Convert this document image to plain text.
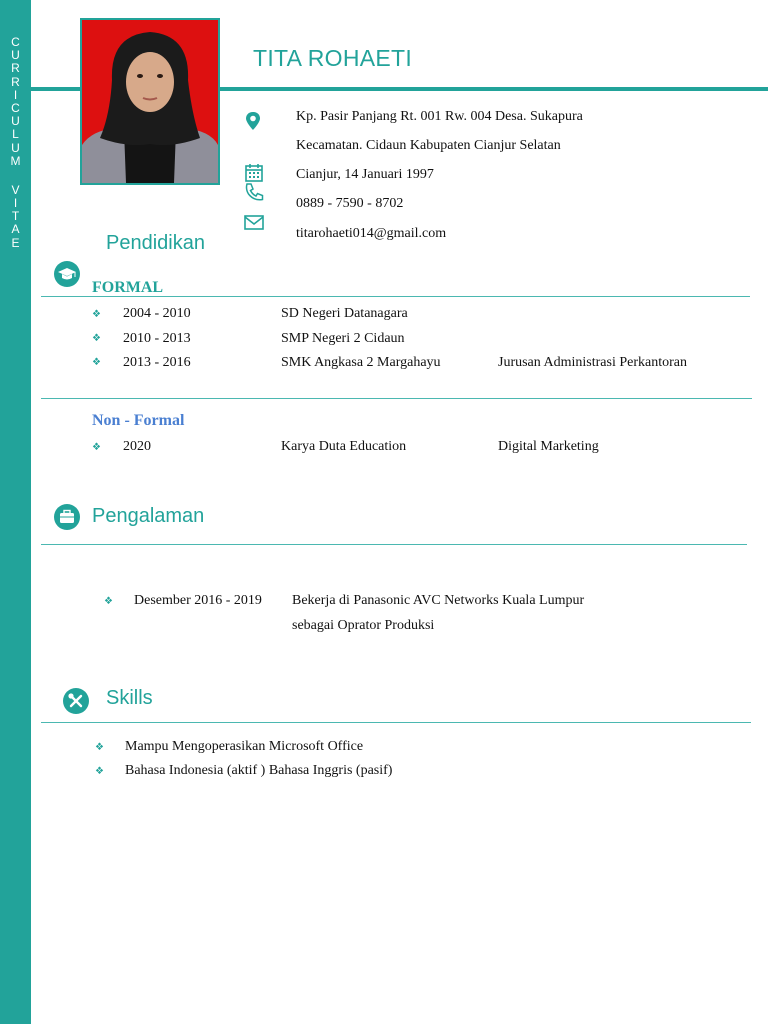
C
U
R
R
I
C
U
L
U
M
V
I
T
A
E
TITA ROHAETI
Kp. Pasir Panjang Rt. 001 Rw. 004 Desa. Sukapura
Kecamatan. Cidaun Kabupaten Cianjur Selatan
Cianjur, 14 Januari 1997
0889 - 7590 - 8702
titarohaeti014@gmail.com
Pendidikan
FORMAL
❖ 2004 - 2010	SD Negeri Datanagara
❖ 2010 - 2013	SMP Negeri 2 Cidaun
❖ 2013 - 2016	SMK Angkasa 2 Margahayu	Jurusan Administrasi Perkantoran
Non - Formal
❖ 2020	Karya Duta Education	Digital Marketing
Pengalaman
❖ Desember 2016 - 2019 Bekerja di Panasonic AVC Networks Kuala Lumpur
sebagai Oprator Produksi
Skills
❖ Mampu Mengoperasikan Microsoft Office
❖ Bahasa Indonesia (aktif ) Bahasa Inggris (pasif)
